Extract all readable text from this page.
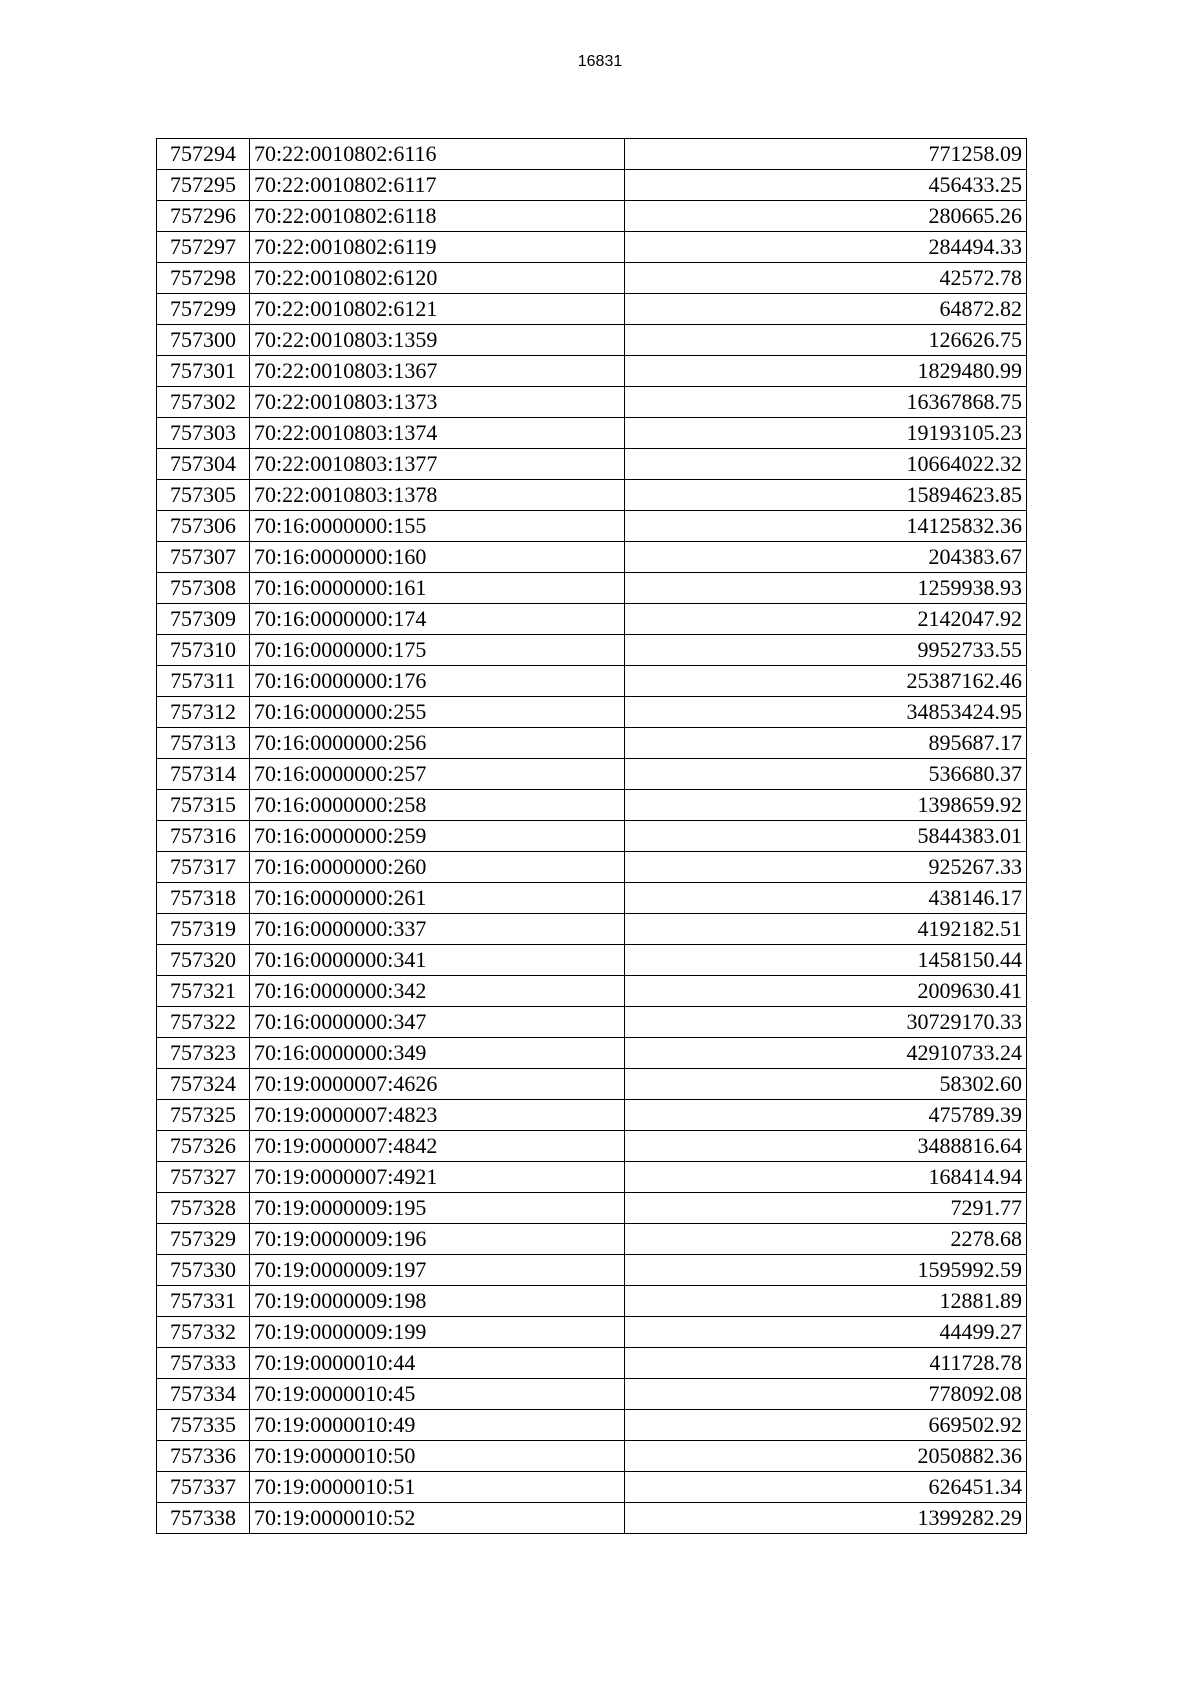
16831
757294	70:22:0010802:6116	771258.09
757295	70:22:0010802:6117	456433.25
757296	70:22:0010802:6118	280665.26
757297	70:22:0010802:6119	284494.33
757298	70:22:0010802:6120	42572.78
757299	70:22:0010802:6121	64872.82
757300	70:22:0010803:1359	126626.75
757301	70:22:0010803:1367	1829480.99
757302	70:22:0010803:1373	16367868.75
757303	70:22:0010803:1374	19193105.23
757304	70:22:0010803:1377	10664022.32
757305	70:22:0010803:1378	15894623.85
757306	70:16:0000000:155	14125832.36
757307	70:16:0000000:160	204383.67
757308	70:16:0000000:161	1259938.93
757309	70:16:0000000:174	2142047.92
757310	70:16:0000000:175	9952733.55
757311	70:16:0000000:176	25387162.46
757312	70:16:0000000:255	34853424.95
757313	70:16:0000000:256	895687.17
757314	70:16:0000000:257	536680.37
757315	70:16:0000000:258	1398659.92
757316	70:16:0000000:259	5844383.01
757317	70:16:0000000:260	925267.33
757318	70:16:0000000:261	438146.17
757319	70:16:0000000:337	4192182.51
757320	70:16:0000000:341	1458150.44
757321	70:16:0000000:342	2009630.41
757322	70:16:0000000:347	30729170.33
757323	70:16:0000000:349	42910733.24
757324	70:19:0000007:4626	58302.60
757325	70:19:0000007:4823	475789.39
757326	70:19:0000007:4842	3488816.64
757327	70:19:0000007:4921	168414.94
757328	70:19:0000009:195	7291.77
757329	70:19:0000009:196	2278.68
757330	70:19:0000009:197	1595992.59
757331	70:19:0000009:198	12881.89
757332	70:19:0000009:199	44499.27
757333	70:19:0000010:44	411728.78
757334	70:19:0000010:45	778092.08
757335	70:19:0000010:49	669502.92
757336	70:19:0000010:50	2050882.36
757337	70:19:0000010:51	626451.34
757338	70:19:0000010:52	1399282.29
